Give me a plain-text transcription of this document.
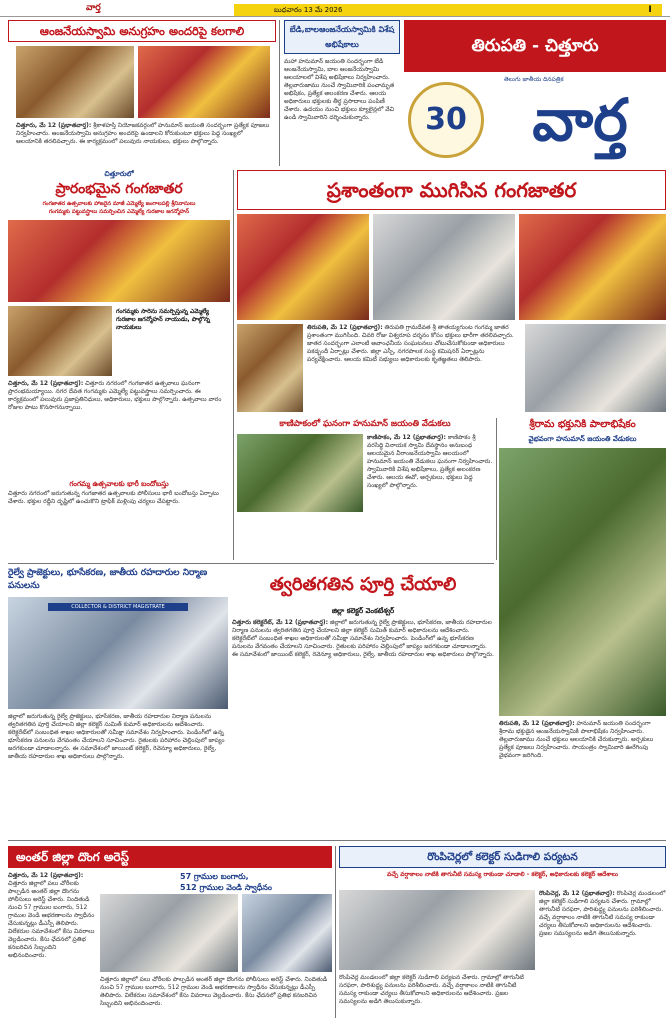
వార్త	బుధవారం 13 మే 2026	I
ఆంజనేయస్వామి అనుగ్రహం అందరిపై కలగాలి

చిత్తూరు, మే 12 (ప్రభాతవార్త): శ్రీకాళహస్తి నియోజకవర్గంలో హనుమాన్ జయంతి సందర్భంగా ప్రత్యేక పూజలు నిర్వహించారు. ఆంజనేయస్వామి అనుగ్రహం అందరిపై ఉండాలని కోరుకుంటూ భక్తులు పెద్ద సంఖ్యలో ఆలయానికి తరలివచ్చారు. ఈ కార్యక్రమంలో పలువురు నాయకులు, భక్తులు పాల్గొన్నారు.

బేడి,బాలఆంజనేయస్వామికి విశేష అభిషేకాలు
మహా హనుమాన్ జయంతి సందర్భంగా బేడి ఆంజనేయస్వామి, బాల ఆంజనేయస్వామి ఆలయాలలో విశేష అభిషేకాలు నిర్వహించారు. తెల్లవారుజాము నుంచే స్వామివారికి పంచామృత అభిషేకం, ప్రత్యేక అలంకరణ చేశారు. ఆలయ అధికారులు భక్తులకు తీర్థ ప్రసాదాలు పంపిణీ చేశారు. ఉదయం నుంచి భక్తులు క్యూలైన్లలో వేచి ఉండి స్వామివారిని దర్శించుకున్నారు.
తిరుపతి - చిత్తూరు
తెలుగు జాతీయ దినపత్రిక
30	వార్త
చిత్తూరులో
ప్రారంభమైన గంగజాతర
గంగజాతర ఉత్సవాలకు హాజరైన మాజీ ఎమ్మెల్యే జంగాలపల్లి శ్రీనివాసులు
గంగమ్మకు పట్టువస్త్రాలు సమర్పించిన ఎమ్మెల్యే గురజాల జగన్మోహన్
గంగమ్మకు సారెను సమర్పిస్తున్న ఎమ్మెల్యే గురజాల జగన్మోహన్ నాయుడు, పాల్గొన్న నాయకులు

చిత్తూరు, మే 12 (ప్రభాతవార్త): చిత్తూరు నగరంలో గంగజాతర ఉత్సవాలు ఘనంగా ప్రారంభమయ్యాయి. నగర దేవత గంగమ్మకు ఎమ్మెల్యే పట్టువస్త్రాలు సమర్పించారు. ఈ కార్యక్రమంలో పలువురు ప్రజాప్రతినిధులు, అధికారులు, భక్తులు పాల్గొన్నారు. ఉత్సవాలు వారం రోజుల పాటు కొనసాగనున్నాయి.

గంగమ్మ ఉత్సవాలకు భారీ బందోబస్తు
చిత్తూరు నగరంలో జరుగుతున్న గంగజాతర ఉత్సవాలకు పోలీసులు భారీ బందోబస్తు ఏర్పాటు చేశారు. భక్తుల రద్దీని దృష్టిలో ఉంచుకొని ట్రాఫిక్ మళ్లింపు చర్యలు చేపట్టారు.
ప్రశాంతంగా ముగిసిన గంగజాతర

తిరుపతి, మే 12 (ప్రభాతవార్త): తిరుపతి గ్రామదేవత శ్రీ తాతయ్యగుంట గంగమ్మ జాతర ప్రశాంతంగా ముగిసింది. చివరి రోజు విశ్వరూప దర్శనం కోసం భక్తులు భారీగా తరలివచ్చారు. జాతర సందర్భంగా ఎలాంటి అవాంఛనీయ సంఘటనలు చోటుచేసుకోకుండా అధికారులు పకడ్బందీ ఏర్పాట్లు చేశారు. జిల్లా ఎస్పీ, నగరపాలక సంస్థ కమిషనర్ ఏర్పాట్లను పర్యవేక్షించారు. ఆలయ కమిటీ సభ్యులు అధికారులకు కృతజ్ఞతలు తెలిపారు.

కాణిపాకంలో ఘనంగా హనుమాన్ జయంతి వేడుకలు

కాణిపాకం, మే 12 (ప్రభాతవార్త): కాణిపాకం శ్రీ వరసిద్ధి వినాయక స్వామి దేవస్థానం అనుబంధ ఆలయమైన వీరాంజనేయస్వామి ఆలయంలో హనుమాన్ జయంతి వేడుకలు ఘనంగా నిర్వహించారు. స్వామివారికి విశేష అభిషేకాలు, ప్రత్యేక అలంకరణ చేశారు. ఆలయ ఈవో, అర్చకులు, భక్తులు పెద్ద సంఖ్యలో పాల్గొన్నారు.

శ్రీరామ భక్తునికి పాలాభిషేకం
వైభవంగా హనుమాన్ జయంతి వేడుకలు

తిరుపతి, మే 12 (ప్రభాతవార్త): హనుమాన్ జయంతి సందర్భంగా శ్రీరామ భక్తుడైన ఆంజనేయస్వామికి పాలాభిషేకం నిర్వహించారు. తెల్లవారుజాము నుంచే భక్తులు ఆలయానికి చేరుకున్నారు. అర్చకులు ప్రత్యేక పూజలు నిర్వహించారు. సాయంత్రం స్వామివారి ఊరేగింపు వైభవంగా జరిగింది.

రైల్వే ప్రాజెక్టులు, భూసేకరణ, జాతీయ రహదారుల నిర్మాణ పనులను	త్వరితగతిన పూర్తి చేయాలి
జిల్లా కలెక్టర్ వెంకటేశ్వర్
COLLECTOR & DISTRICT MAGISTRATE

చిత్తూరు కలెక్టరేట్, మే 12 (ప్రభాతవార్త): జిల్లాలో జరుగుతున్న రైల్వే ప్రాజెక్టులు, భూసేకరణ, జాతీయ రహదారుల నిర్మాణ పనులను త్వరితగతిన పూర్తి చేయాలని జిల్లా కలెక్టర్ సుమిత్ కుమార్ అధికారులను ఆదేశించారు. కలెక్టరేట్‌లో సంబంధిత శాఖల అధికారులతో సమీక్షా సమావేశం నిర్వహించారు. పెండింగ్‌లో ఉన్న భూసేకరణ పనులను వేగవంతం చేయాలని సూచించారు. రైతులకు పరిహారం చెల్లింపులో జాప్యం జరగకుండా చూడాలన్నారు. ఈ సమావేశంలో జాయింట్ కలెక్టర్, రెవెన్యూ అధికారులు, రైల్వే, జాతీయ రహదారుల శాఖ అధికారులు పాల్గొన్నారు.

జిల్లాలో జరుగుతున్న రైల్వే ప్రాజెక్టులు, భూసేకరణ, జాతీయ రహదారుల నిర్మాణ పనులను త్వరితగతిన పూర్తి చేయాలని జిల్లా కలెక్టర్ సుమిత్ కుమార్ అధికారులను ఆదేశించారు. కలెక్టరేట్‌లో సంబంధిత శాఖల అధికారులతో సమీక్షా సమావేశం నిర్వహించారు. పెండింగ్‌లో ఉన్న భూసేకరణ పనులను వేగవంతం చేయాలని సూచించారు. రైతులకు పరిహారం చెల్లింపులో జాప్యం జరగకుండా చూడాలన్నారు. ఈ సమావేశంలో జాయింట్ కలెక్టర్, రెవెన్యూ అధికారులు, రైల్వే, జాతీయ రహదారుల శాఖ అధికారులు పాల్గొన్నారు.
అంతర్ జిల్లా దొంగ అరెస్ట్
57 గ్రాముల బంగారు,
512 గ్రాముల వెండి స్వాధీనం

చిత్తూరు, మే 12 (ప్రభాతవార్త): చిత్తూరు జిల్లాలో పలు చోరీలకు పాల్పడిన అంతర్ జిల్లా దొంగను పోలీసులు అరెస్ట్ చేశారు. నిందితుడి నుంచి 57 గ్రాముల బంగారు, 512 గ్రాముల వెండి ఆభరణాలను స్వాధీనం చేసుకున్నట్లు డీఎస్పీ తెలిపారు. విలేకరుల సమావేశంలో కేసు వివరాలు వెల్లడించారు. కేసు ఛేదనలో ప్రతిభ కనబరిచిన సిబ్బందిని అభినందించారు.

చిత్తూరు జిల్లాలో పలు చోరీలకు పాల్పడిన అంతర్ జిల్లా దొంగను పోలీసులు అరెస్ట్ చేశారు. నిందితుడి నుంచి 57 గ్రాముల బంగారు, 512 గ్రాముల వెండి ఆభరణాలను స్వాధీనం చేసుకున్నట్లు డీఎస్పీ తెలిపారు. విలేకరుల సమావేశంలో కేసు వివరాలు వెల్లడించారు. కేసు ఛేదనలో ప్రతిభ కనబరిచిన సిబ్బందిని అభినందించారు.
రొంపిచెర్లలో కలెక్టర్ సుడిగాలి పర్యటన
వచ్చే వర్షాకాలం నాటికి తాగునీటి సమస్య రాకుండా చూడాలి - కలెక్టర్, అధికారులకు కలెక్టర్ ఆదేశాలు

రొంపిచెర్ల, మే 12 (ప్రభాతవార్త): రొంపిచెర్ల మండలంలో జిల్లా కలెక్టర్ సుడిగాలి పర్యటన చేశారు. గ్రామాల్లో తాగునీటి సరఫరా, పారిశుద్ధ్య పనులను పరిశీలించారు. వచ్చే వర్షాకాలం నాటికి తాగునీటి సమస్య రాకుండా చర్యలు తీసుకోవాలని అధికారులను ఆదేశించారు. ప్రజల సమస్యలను అడిగి తెలుసుకున్నారు.

రొంపిచెర్ల మండలంలో జిల్లా కలెక్టర్ సుడిగాలి పర్యటన చేశారు. గ్రామాల్లో తాగునీటి సరఫరా, పారిశుద్ధ్య పనులను పరిశీలించారు. వచ్చే వర్షాకాలం నాటికి తాగునీటి సమస్య రాకుండా చర్యలు తీసుకోవాలని అధికారులను ఆదేశించారు. ప్రజల సమస్యలను అడిగి తెలుసుకున్నారు.
